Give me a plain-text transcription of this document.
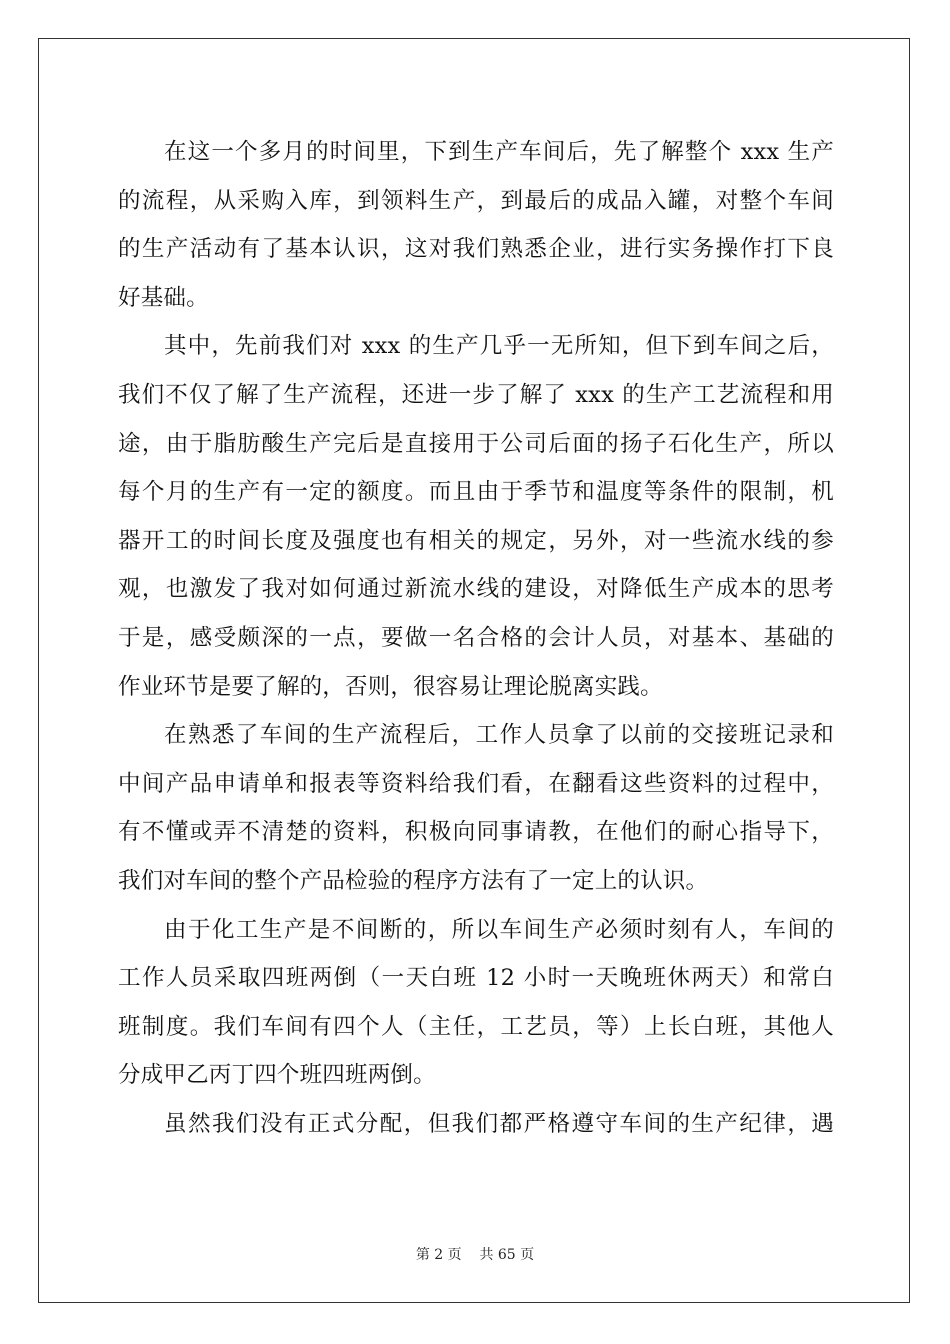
在这一个多月的时间里，下到生产车间后，先了解整个 xxx 生产
的流程，从采购入库，到领料生产，到最后的成品入罐，对整个车间
的生产活动有了基本认识，这对我们熟悉企业，进行实务操作打下良
好基础。
其中，先前我们对 xxx 的生产几乎一无所知，但下到车间之后，
我们不仅了解了生产流程，还进一步了解了 xxx 的生产工艺流程和用
途，由于脂肪酸生产完后是直接用于公司后面的扬子石化生产，所以
每个月的生产有一定的额度。而且由于季节和温度等条件的限制，机
器开工的时间长度及强度也有相关的规定，另外，对一些流水线的参
观，也激发了我对如何通过新流水线的建设，对降低生产成本的思考
于是，感受颇深的一点，要做一名合格的会计人员，对基本、基础的
作业环节是要了解的，否则，很容易让理论脱离实践。
在熟悉了车间的生产流程后，工作人员拿了以前的交接班记录和
中间产品申请单和报表等资料给我们看，在翻看这些资料的过程中，
有不懂或弄不清楚的资料，积极向同事请教，在他们的耐心指导下，
我们对车间的整个产品检验的程序方法有了一定上的认识。
由于化工生产是不间断的，所以车间生产必须时刻有人，车间的
工作人员采取四班两倒（一天白班 12 小时一天晚班休两天）和常白
班制度。我们车间有四个人（主任，工艺员，等）上长白班，其他人
分成甲乙丙丁四个班四班两倒。
虽然我们没有正式分配，但我们都严格遵守车间的生产纪律，遇
第 2 页 共 65 页
